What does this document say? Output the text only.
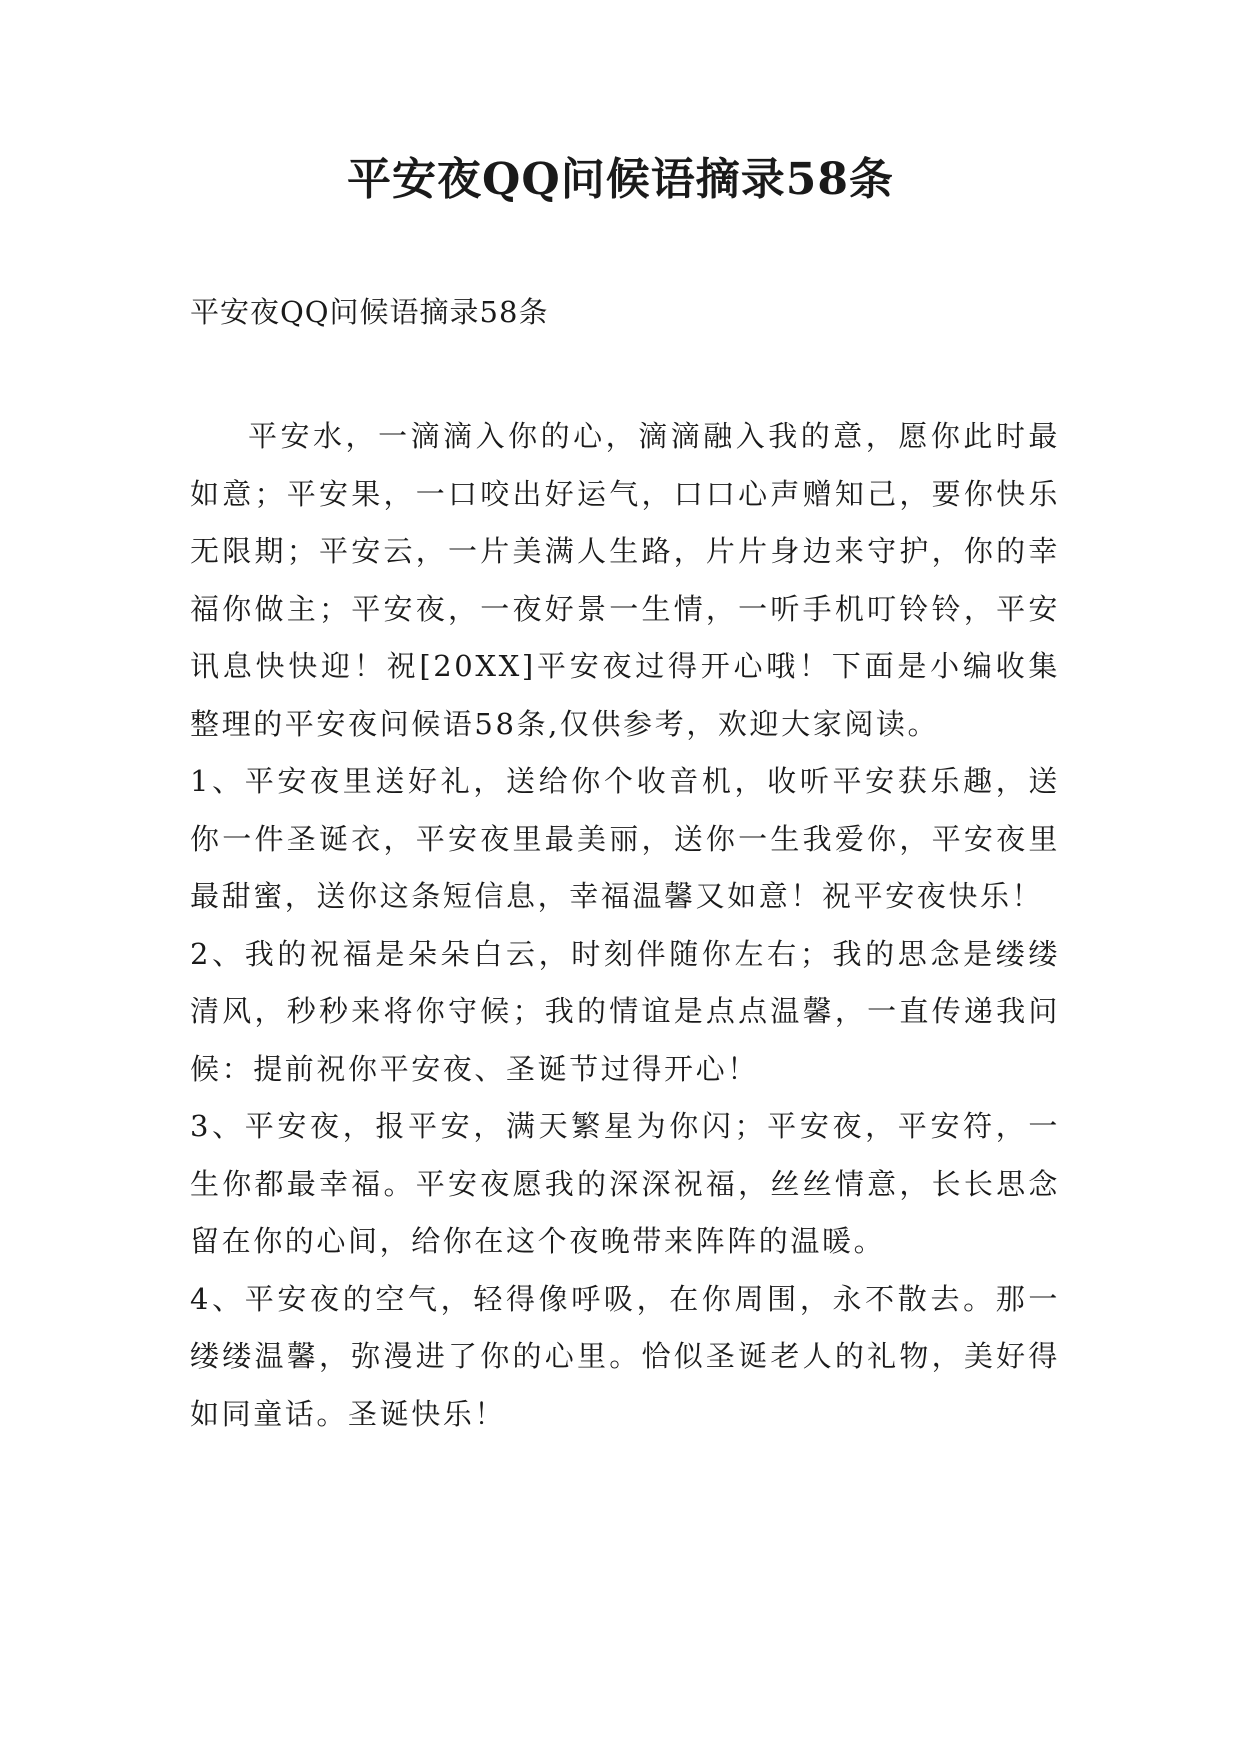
平安夜QQ问候语摘录58条

平安夜QQ问候语摘录58条

平安水，一滴滴入你的心，滴滴融入我的意，愿你此时最如意；平安果，一口咬出好运气，口口心声赠知己，要你快乐无限期；平安云，一片美满人生路，片片身边来守护，你的幸福你做主；平安夜，一夜好景一生情，一听手机叮铃铃，平安讯息快快迎！祝[20XX]平安夜过得开心哦！下面是小编收集整理的平安夜问候语58条,仅供参考，欢迎大家阅读。

1、平安夜里送好礼，送给你个收音机，收听平安获乐趣，送你一件圣诞衣，平安夜里最美丽，送你一生我爱你，平安夜里最甜蜜，送你这条短信息，幸福温馨又如意！祝平安夜快乐！

2、我的祝福是朵朵白云，时刻伴随你左右；我的思念是缕缕清风，秒秒来将你守候；我的情谊是点点温馨，一直传递我问候：提前祝你平安夜、圣诞节过得开心！

3、平安夜，报平安，满天繁星为你闪；平安夜，平安符，一生你都最幸福。平安夜愿我的深深祝福，丝丝情意，长长思念留在你的心间，给你在这个夜晚带来阵阵的温暖。

4、平安夜的空气，轻得像呼吸，在你周围，永不散去。那一缕缕温馨，弥漫进了你的心里。恰似圣诞老人的礼物，美好得如同童话。圣诞快乐！
